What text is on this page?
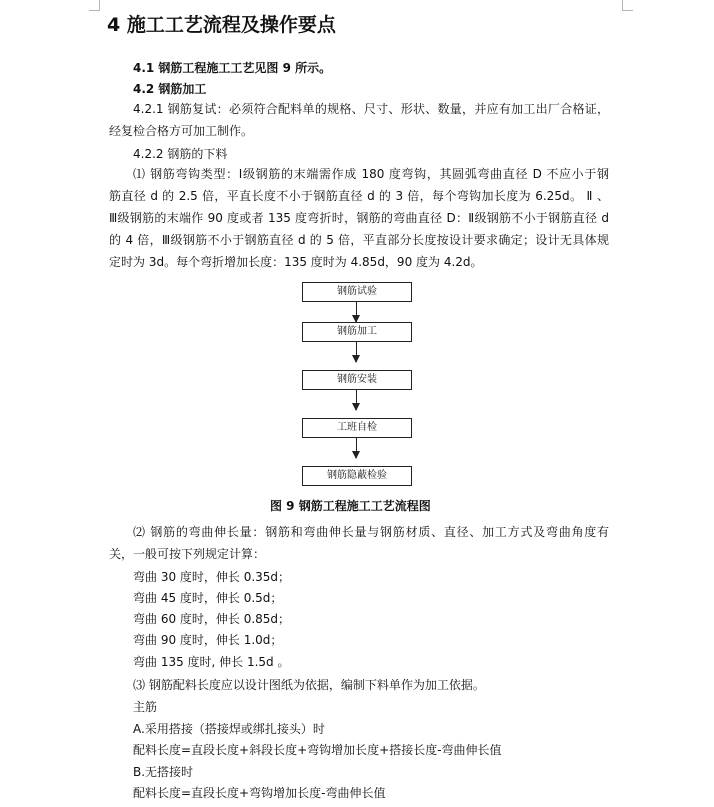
4 施工工艺流程及操作要点
4.1 钢筋工程施工工艺见图 9 所示。
4.2 钢筋加工
4.2.1 钢筋复试：必须符合配料单的规格、尺寸、形状、数量，并应有加工出厂合格证，
经复检合格方可加工制作。
4.2.2 钢筋的下料
⑴ 钢筋弯钩类型：Ⅰ级钢筋的末端需作成 180 度弯钩，其圆弧弯曲直径 D 不应小于钢
筋直径 d 的 2.5 倍，平直长度不小于钢筋直径 d 的 3 倍，每个弯钩加长度为 6.25d。 Ⅱ 、
Ⅲ级钢筋的末端作 90 度或者 135 度弯折时，钢筋的弯曲直径 D：Ⅱ级钢筋不小于钢筋直径 d
的 4 倍，Ⅲ级钢筋不小于钢筋直径 d 的 5 倍，平直部分长度按设计要求确定；设计无具体规
定时为 3d。每个弯折增加长度：135 度时为 4.85d，90 度为 4.2d。
钢筋试验
钢筋加工
钢筋安装
工班自检
钢筋隐蔽检验
图 9 钢筋工程施工工艺流程图
⑵ 钢筋的弯曲伸长量：钢筋和弯曲伸长量与钢筋材质、直径、加工方式及弯曲角度有
关，一般可按下列规定计算：
弯曲 30 度时，伸长 0.35d；
弯曲 45 度时，伸长 0.5d；
弯曲 60 度时，伸长 0.85d；
弯曲 90 度时，伸长 1.0d；
弯曲 135 度时, 伸长 1.5d 。
⑶ 钢筋配料长度应以设计图纸为依据，编制下料单作为加工依据。
主筋
A.采用搭接（搭接焊或绑扎接头）时
配料长度=直段长度+斜段长度+弯钩增加长度+搭接长度-弯曲伸长值
B.无搭接时
配料长度=直段长度+弯钩增加长度-弯曲伸长值
